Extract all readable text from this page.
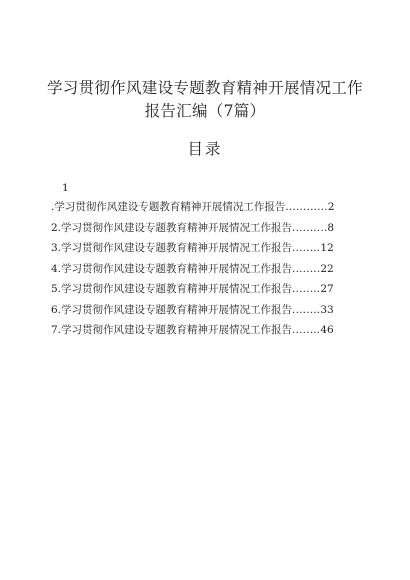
学习贯彻作风建设专题教育精神开展情况工作
报告汇编（7篇）
目录
1
.学习贯彻作风建设专题教育精神开展情况工作报告 ............ 2
2.学习贯彻作风建设专题教育精神开展情况工作报告 .......... 8
3.学习贯彻作风建设专题教育精神开展情况工作报告 ........ 12
4.学习贯彻作风建设专题教育精神开展情况工作报告 ........ 22
5.学习贯彻作风建设专题教育精神开展情况工作报告 ........ 27
6.学习贯彻作风建设专题教育精神开展情况工作报告 ........ 33
7.学习贯彻作风建设专题教育精神开展情况工作报告 ........ 46
